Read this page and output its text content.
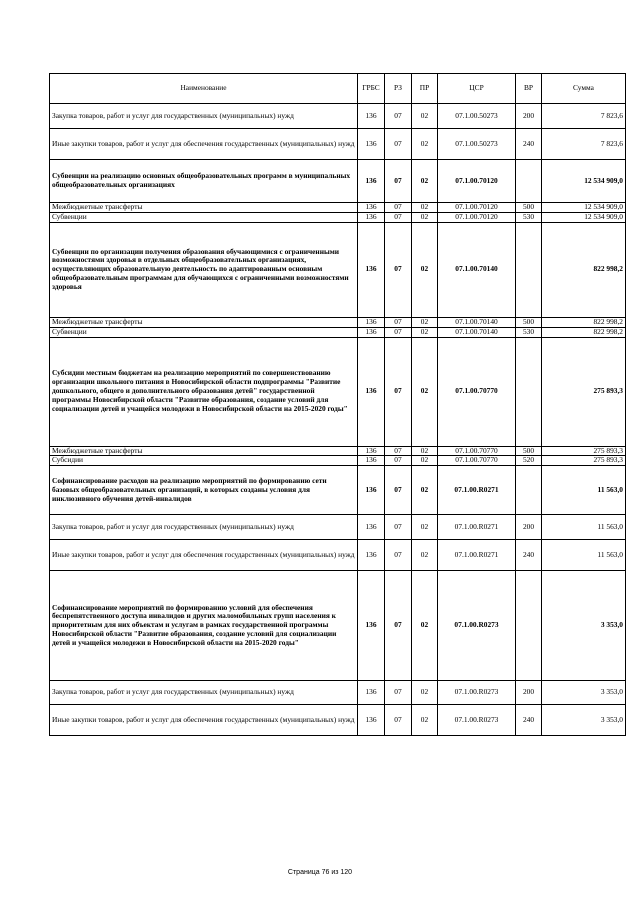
Наименование	ГРБС	РЗ	ПР	ЦСР	ВР	Сумма
Закупка товаров, работ и услуг для государственных (муниципальных) нужд	136	07	02	07.1.00.50273	200	7 823,6
Иные закупки товаров, работ и услуг для обеспечения государственных (муниципальных) нужд	136	07	02	07.1.00.50273	240	7 823,6
Субвенции на реализацию основных общеобразовательных программ в муниципальных общеобразовательных организациях	136	07	02	07.1.00.70120		12 534 909,0
Межбюджетные трансферты	136	07	02	07.1.00.70120	500	12 534 909,0
Субвенции	136	07	02	07.1.00.70120	530	12 534 909,0
Субвенции по организации получения образования обучающимися с ограниченными возможностями здоровья в отдельных общеобразовательных организациях, осуществляющих образовательную деятельность по адаптированным основным общеобразовательным программам для обучающихся с ограниченными возможностями здоровья	136	07	02	07.1.00.70140		822 998,2
Межбюджетные трансферты	136	07	02	07.1.00.70140	500	822 998,2
Субвенции	136	07	02	07.1.00.70140	530	822 998,2
Субсидии местным бюджетам на реализацию мероприятий по совершенствованию организации школьного питания в Новосибирской области подпрограммы "Развитие дошкольного, общего и дополнительного образования детей" государственной программы Новосибирской области "Развитие образования, создание условий для социализации детей и учащейся молодежи в Новосибирской области на 2015-2020 годы"	136	07	02	07.1.00.70770		275 893,3
Межбюджетные трансферты	136	07	02	07.1.00.70770	500	275 893,3
Субсидии	136	07	02	07.1.00.70770	520	275 893,3
Софинансирование расходов на реализацию мероприятий по формированию сети базовых общеобразовательных организаций, в которых созданы условия для инклюзивного обучения детей-инвалидов	136	07	02	07.1.00.R0271		11 563,0
Закупка товаров, работ и услуг для государственных (муниципальных) нужд	136	07	02	07.1.00.R0271	200	11 563,0
Иные закупки товаров, работ и услуг для обеспечения государственных (муниципальных) нужд	136	07	02	07.1.00.R0271	240	11 563,0
Софинансирование мероприятий по формированию условий для обеспечения беспрепятственного доступа инвалидов и других маломобильных групп населения к приоритетным для них объектам и услугам в рамках государственной программы Новосибирской области "Развитие образования, создание условий для социализации детей и учащейся молодежи в Новосибирской области на 2015-2020 годы"	136	07	02	07.1.00.R0273		3 353,0
Закупка товаров, работ и услуг для государственных (муниципальных) нужд	136	07	02	07.1.00.R0273	200	3 353,0
Иные закупки товаров, работ и услуг для обеспечения государственных (муниципальных) нужд	136	07	02	07.1.00.R0273	240	3 353,0
Страница 76 из 120
